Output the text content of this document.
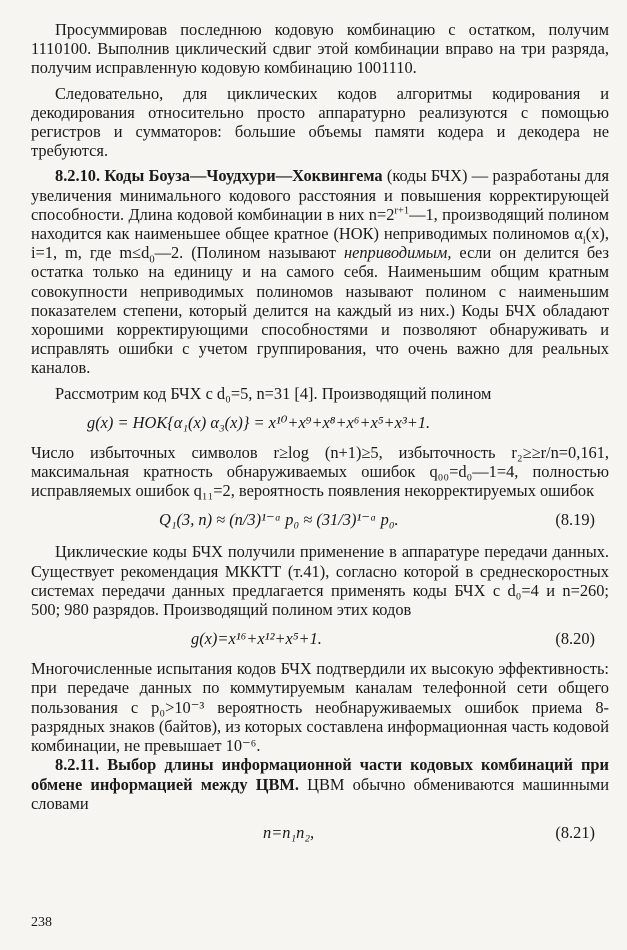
Просуммировав последнюю кодовую комбинацию с остатком, получим 1110100. Выполнив циклический сдвиг этой комбинации вправо на три разряда, получим исправленную кодовую комбинацию 1001110.

Следовательно, для циклических кодов алгоритмы кодирования и декодирования относительно просто аппаратурно реализуются с помощью регистров и сумматоров: большие объемы памяти кодера и декодера не требуются.

8.2.10. Коды Боуза—Чоудхури—Хоквингема (коды БЧХ) — разработаны для увеличения минимального кодового расстояния и повышения корректирующей способности. Длина кодовой комбинации в них $n=2^{r+1}—1$, производящий полином находится как наименьшее общее кратное (НОК) неприводимых полиномов $\alpha_i(x)$, i=1, m, где $m\le d_0—2$. (Полином называют неприводимым, если он делится без остатка только на единицу и на самого себя. Наименьшим общим кратным совокупности неприводимых полиномов называют полином с наименьшим показателем степени, который делится на каждый из них.) Коды БЧХ обладают хорошими корректирующими способностями и позволяют обнаруживать и исправлять ошибки с учетом группирования, что очень важно для реальных каналов.

Рассмотрим код БЧХ с d₀=5, n=31 [4]. Производящий полином

g(x) = НОК{α₁(x) α₃(x)} = x¹⁰+x⁹+x⁸+x⁶+x⁵+x³+1.

Число избыточных символов r≥log (n+1)≥5, избыточность r₂≥≥r/n=0,161, максимальная кратность обнаруживаемых ошибок q₀₀=d₀—1=4, полностью исправляемых ошибок q₁₁=2, вероятность появления некорректируемых ошибок

Q₁(3, n) ≈ (n/3)¹⁻ᵅ p₀ ≈ (31/3)¹⁻ᵅ p₀.	(8.19)

Циклические коды БЧХ получили применение в аппаратуре передачи данных. Существует рекомендация МККТТ (т.41), согласно которой в среднескоростных системах передачи данных предлагается применять коды БЧХ с d₀=4 и n=260; 500; 980 разрядов. Производящий полином этих кодов

g(x)=x¹⁶+x¹²+x⁵+1.	(8.20)

Многочисленные испытания кодов БЧХ подтвердили их высокую эффективность: при передаче данных по коммутируемым каналам телефонной сети общего пользования с p₀>10⁻³ вероятность необнаруживаемых ошибок приема 8-разрядных знаков (байтов), из которых составлена информационная часть кодовой комбинации, не превышает 10⁻⁶.

8.2.11. Выбор длины информационной части кодовых комбинаций при обмене информацией между ЦВМ. ЦВМ обычно обмениваются машинными словами

n=n₁n₂,	(8.21)
238
